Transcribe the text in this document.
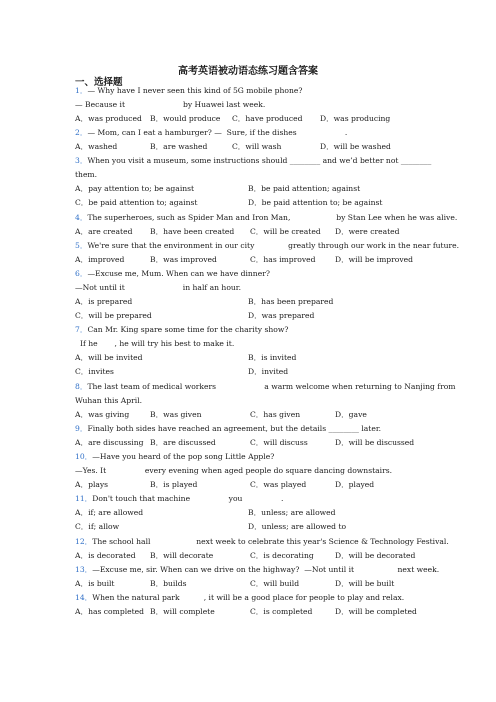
高考英语被动语态练习题含答案
一、选择题
1．— Why have I never seen this kind of 5G mobile phone?
— Because it                        by Huawei last week.
A．was produced B．would produce C．have produced D．was producing
2．— Mom, can I eat a hamburger? —  Sure, if the dishes                    .
A．washed	B．are washed	C．will wash	D．will be washed
3．When you visit a museum, some instructions should ________ and we’d better not ________
them.
A．pay attention to; be against	B．be paid attention; against
C．be paid attention to; against	D．be paid attention to; be against
4．The superheroes, such as Spider Man and Iron Man,                   by Stan Lee when he was alive.
A．are created B．have been created C．will be created D．were created
5．We're sure that the environment in our city              greatly through our work in the near future.
A．improved	B．was improved	C．has improved	D．will be improved
6．—Excuse me, Mum. When can we have dinner?
—Not until it                        in half an hour.
A．is prepared	B．has been prepared
C．will be prepared	D．was prepared
7．Can Mr. King spare some time for the charity show?
If he       , he will try his best to make it.
A．will be invited	B．is invited
C．invites	D．invited
8．The last team of medical workers                    a warm welcome when returning to Nanjing from
Wuhan this April.
A．was giving	B．was given	C．has given	D．gave
9．Finally both sides have reached an agreement, but the details ________ later.
A．are discussing B．are discussed	C．will discuss	D．will be discussed
10．—Have you heard of the pop song Little Apple?
—Yes. It                every evening when aged people do square dancing downstairs.
A．plays	B．is played	C．was played	D．played
11．Don't touch that machine                you                .
A．if; are allowed	B．unless; are allowed
C．if; allow	D．unless; are allowed to
12．The school hall                   next week to celebrate this year's Science & Technology Festival.
A．is decorated B．will decorate	C．is decorating	D．will be decorated
13．—Excuse me, sir. When can we drive on the highway?  —Not until it                  next week.
A．is built	B．builds	C．will build	D．will be built
14．When the natural park          , it will be a good place for people to play and relax.
A．has completed B．will complete	C．is completed	D．will be completed
